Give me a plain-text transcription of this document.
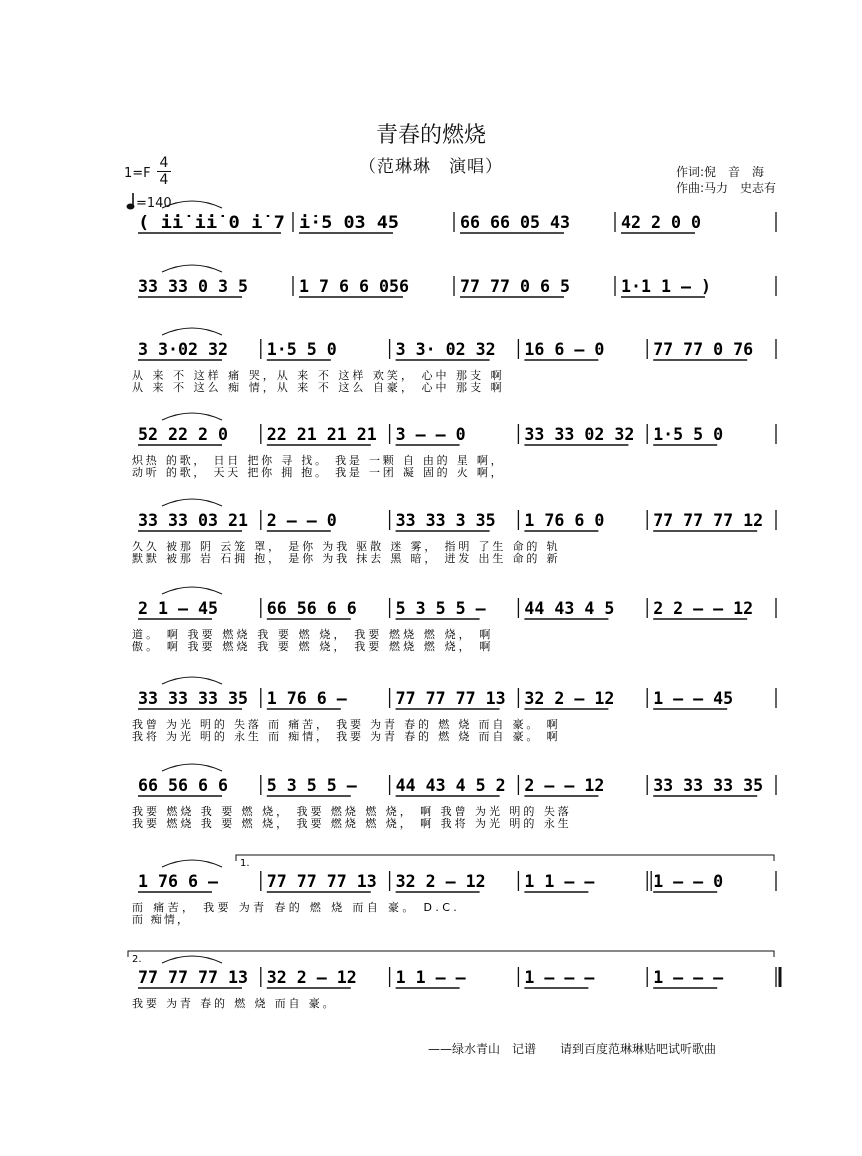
青春的燃烧
（范琳琳　演唱）
1=F
4
4
=140
作词:倪　音　海
作曲:马力　史志有
( i̇i̇ i̇i̇ 0 i̇ 7 i̇·5 03 45	66 66 05 43	42 2 0 0
33 33 0 3 5	1 7 6 6 056	77 77 0 6 5	1·1 1 – )
3 3·02 32 1·5 5 0	3 3· 02 32 16 6 – 0	77 77 0 76
从 来 不 这样 痛 哭，从 来 不 这样 欢笑， 心中 那支 啊
从 来 不 这么 痴 情，从 来 不 这么 自豪， 心中 那支 啊
52 22 2 0 22 21 21 21 3 – – 0	33 33 02 32 1·5 5 0
炽热 的歌， 日日 把你 寻 找。 我是 一颗 自 由的 星 啊，
动听 的歌， 天天 把你 拥 抱。 我是 一团 凝 固的 火 啊，
33 33 03 21 2 – – 0	33 33 3 35 1 76 6 0	77 77 77 12
久久 被那 阴 云笼 罩， 是你 为我 驱散 迷 雾， 指明 了生 命的 轨
默默 被那 岩 石拥 抱， 是你 为我 抹去 黑 暗， 迸发 出生 命的 新
2 1 – 45	66 56 6 6 5 3 5 5 – 44 43 4 5 2 2 – – 12
道。 啊 我要 燃烧 我 要 燃 烧， 我要 燃烧 燃 烧， 啊
傲。 啊 我要 燃烧 我 要 燃 烧， 我要 燃烧 燃 烧， 啊
33 33 33 35 1 76 6 –	77 77 77 13 32 2 – 12 1 – – 45
我曾 为光 明的 失落 而 痛苦， 我要 为青 春的 燃 烧 而自 豪。 啊
我将 为光 明的 永生 而 痴情， 我要 为青 春的 燃 烧 而自 豪。 啊
66 56 6 6 5 3 5 5 – 44 43 4 5 2 2 – – 12	33 33 33 35
我要 燃烧 我 要 燃 烧， 我要 燃烧 燃 烧， 啊 我曾 为光 明的 失落
我要 燃烧 我 要 燃 烧， 我要 燃烧 燃 烧， 啊 我将 为光 明的 永生
1 76 6 –	77 77 77 13 32 2 – 12 1 1 – –	1 – – 0
1.
而 痛苦， 我要 为青 春的 燃 烧 而自 豪。 D.C.
而 痴情，
77 77 77 13 32 2 – 12 1 1 – –	1 – – –	1 – – –
2.
我要 为青 春的 燃 烧 而自 豪。
——绿水青山　记谱　　请到百度范琳琳贴吧试听歌曲
